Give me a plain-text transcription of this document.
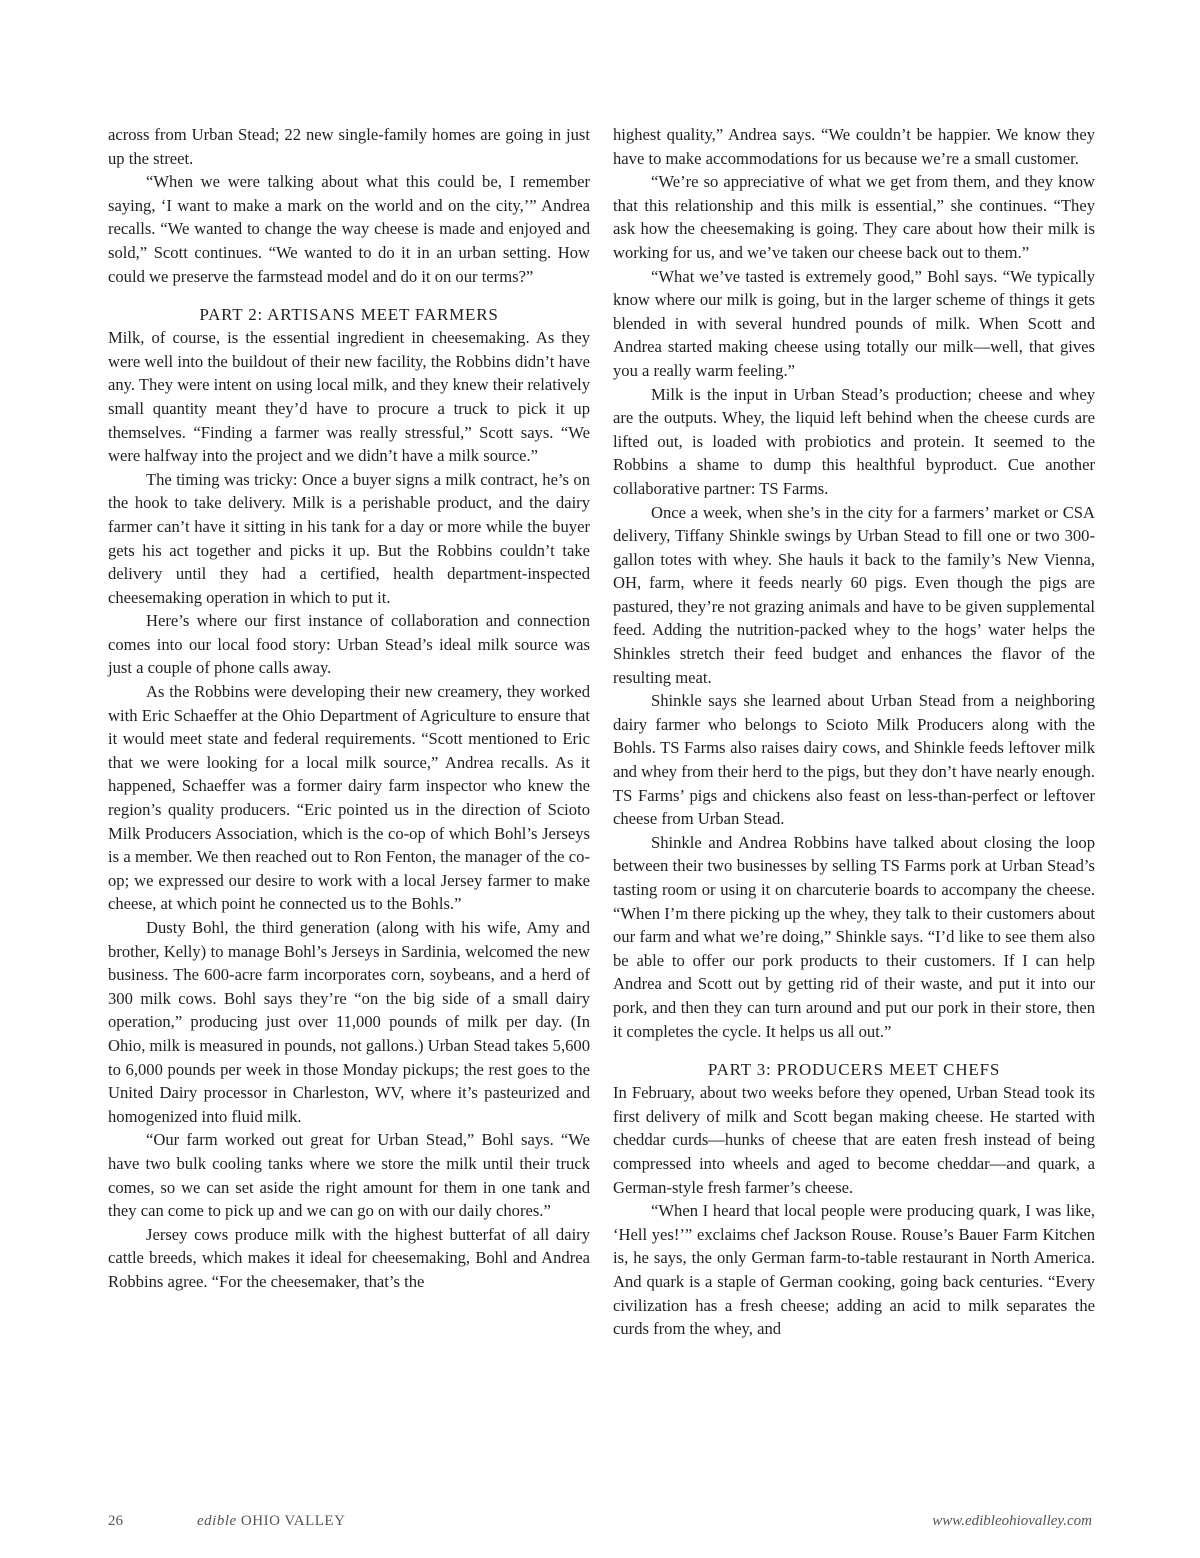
across from Urban Stead; 22 new single-family homes are going in just up the street.

“When we were talking about what this could be, I remember saying, ‘I want to make a mark on the world and on the city,’” Andrea recalls. “We wanted to change the way cheese is made and enjoyed and sold,” Scott continues. “We wanted to do it in an urban setting. How could we preserve the farmstead model and do it on our terms?”

PART 2: ARTISANS MEET FARMERS

Milk, of course, is the essential ingredient in cheesemaking. As they were well into the buildout of their new facility, the Robbins didn’t have any. They were intent on using local milk, and they knew their relatively small quantity meant they’d have to procure a truck to pick it up themselves. “Finding a farmer was really stressful,” Scott says. “We were halfway into the project and we didn’t have a milk source.”

The timing was tricky: Once a buyer signs a milk contract, he’s on the hook to take delivery. Milk is a perishable product, and the dairy farmer can’t have it sitting in his tank for a day or more while the buyer gets his act together and picks it up. But the Robbins couldn’t take delivery until they had a certified, health department-inspected cheesemaking operation in which to put it.

Here’s where our first instance of collaboration and connection comes into our local food story: Urban Stead’s ideal milk source was just a couple of phone calls away.

As the Robbins were developing their new creamery, they worked with Eric Schaeffer at the Ohio Department of Agriculture to ensure that it would meet state and federal requirements. “Scott mentioned to Eric that we were looking for a local milk source,” Andrea recalls. As it happened, Schaeffer was a former dairy farm inspector who knew the region’s quality producers. “Eric pointed us in the direction of Scioto Milk Producers Association, which is the co-op of which Bohl’s Jerseys is a member. We then reached out to Ron Fenton, the manager of the co-op; we expressed our desire to work with a local Jersey farmer to make cheese, at which point he connected us to the Bohls.”

Dusty Bohl, the third generation (along with his wife, Amy and brother, Kelly) to manage Bohl’s Jerseys in Sardinia, welcomed the new business. The 600-acre farm incorporates corn, soybeans, and a herd of 300 milk cows. Bohl says they’re “on the big side of a small dairy operation,” producing just over 11,000 pounds of milk per day. (In Ohio, milk is measured in pounds, not gallons.) Urban Stead takes 5,600 to 6,000 pounds per week in those Monday pickups; the rest goes to the United Dairy processor in Charleston, WV, where it’s pasteurized and homogenized into fluid milk.

“Our farm worked out great for Urban Stead,” Bohl says. “We have two bulk cooling tanks where we store the milk until their truck comes, so we can set aside the right amount for them in one tank and they can come to pick up and we can go on with our daily chores.”

Jersey cows produce milk with the highest butterfat of all dairy cattle breeds, which makes it ideal for cheesemaking, Bohl and Andrea Robbins agree. “For the cheesemaker, that’s the

highest quality,” Andrea says. “We couldn’t be happier. We know they have to make accommodations for us because we’re a small customer.

“We’re so appreciative of what we get from them, and they know that this relationship and this milk is essential,” she continues. “They ask how the cheesemaking is going. They care about how their milk is working for us, and we’ve taken our cheese back out to them.”

“What we’ve tasted is extremely good,” Bohl says. “We typically know where our milk is going, but in the larger scheme of things it gets blended in with several hundred pounds of milk. When Scott and Andrea started making cheese using totally our milk—well, that gives you a really warm feeling.”

Milk is the input in Urban Stead’s production; cheese and whey are the outputs. Whey, the liquid left behind when the cheese curds are lifted out, is loaded with probiotics and protein. It seemed to the Robbins a shame to dump this healthful byproduct. Cue another collaborative partner: TS Farms.

Once a week, when she’s in the city for a farmers’ market or CSA delivery, Tiffany Shinkle swings by Urban Stead to fill one or two 300-gallon totes with whey. She hauls it back to the family’s New Vienna, OH, farm, where it feeds nearly 60 pigs. Even though the pigs are pastured, they’re not grazing animals and have to be given supplemental feed. Adding the nutrition-packed whey to the hogs’ water helps the Shinkles stretch their feed budget and enhances the flavor of the resulting meat.

Shinkle says she learned about Urban Stead from a neighboring dairy farmer who belongs to Scioto Milk Producers along with the Bohls. TS Farms also raises dairy cows, and Shinkle feeds leftover milk and whey from their herd to the pigs, but they don’t have nearly enough. TS Farms’ pigs and chickens also feast on less-than-perfect or leftover cheese from Urban Stead.

Shinkle and Andrea Robbins have talked about closing the loop between their two businesses by selling TS Farms pork at Urban Stead’s tasting room or using it on charcuterie boards to accompany the cheese. “When I’m there picking up the whey, they talk to their customers about our farm and what we’re doing,” Shinkle says. “I’d like to see them also be able to offer our pork products to their customers. If I can help Andrea and Scott out by getting rid of their waste, and put it into our pork, and then they can turn around and put our pork in their store, then it completes the cycle. It helps us all out.”

PART 3: PRODUCERS MEET CHEFS

In February, about two weeks before they opened, Urban Stead took its first delivery of milk and Scott began making cheese. He started with cheddar curds—hunks of cheese that are eaten fresh instead of being compressed into wheels and aged to become cheddar—and quark, a German-style fresh farmer’s cheese.

“When I heard that local people were producing quark, I was like, ‘Hell yes!’” exclaims chef Jackson Rouse. Rouse’s Bauer Farm Kitchen is, he says, the only German farm-to-table restaurant in North America. And quark is a staple of German cooking, going back centuries. “Every civilization has a fresh cheese; adding an acid to milk separates the curds from the whey, and

26	edible OHIO VALLEY	www.edibleohiovalley.com
